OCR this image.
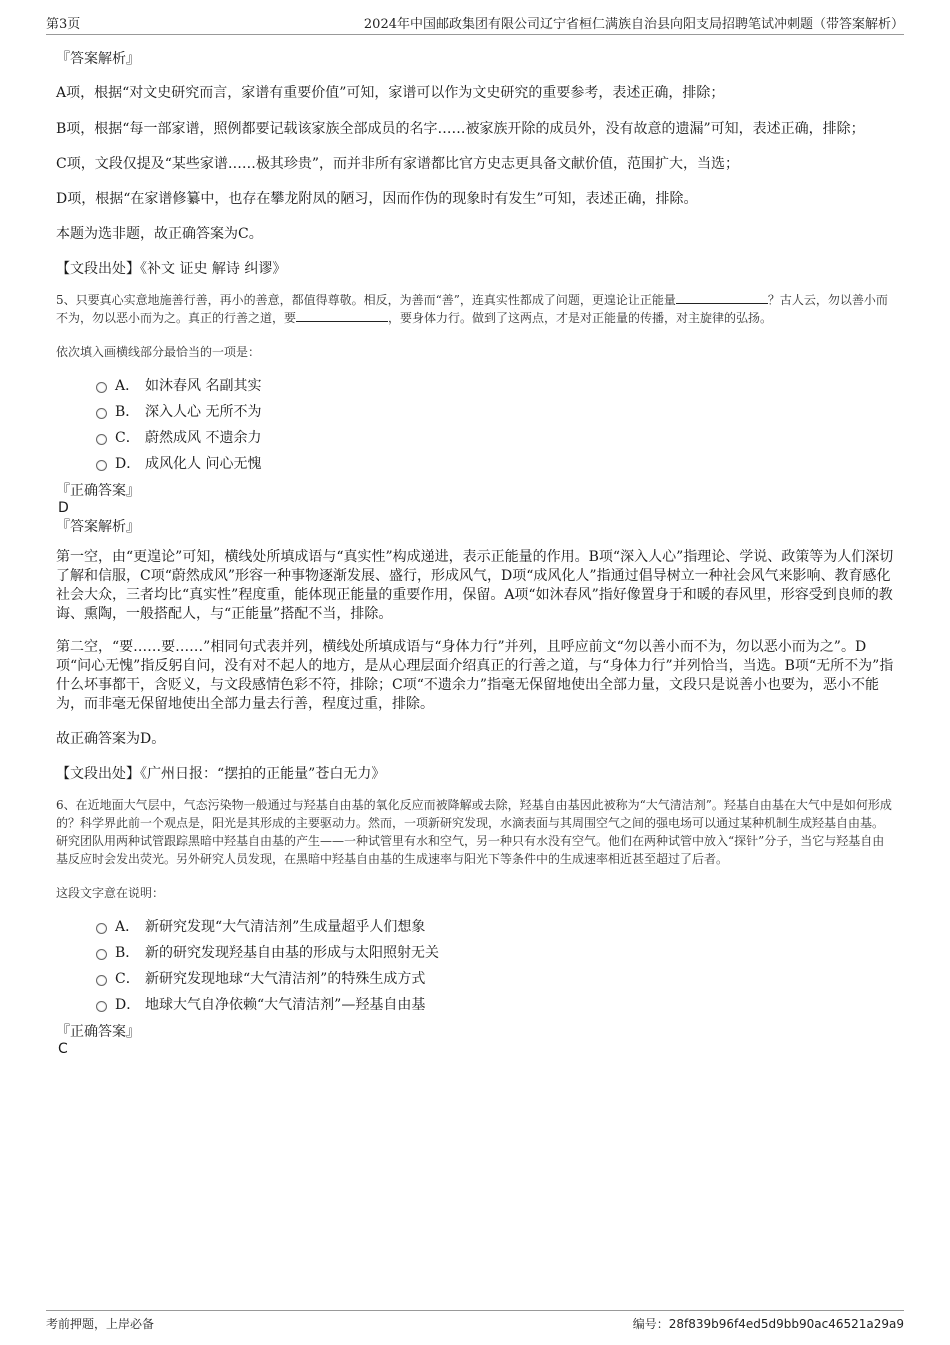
第3页	2024年中国邮政集团有限公司辽宁省桓仁满族自治县向阳支局招聘笔试冲刺题（带答案解析）

『答案解析』

A项，根据“对文史研究而言，家谱有重要价值”可知，家谱可以作为文史研究的重要参考，表述正确，排除；

B项，根据“每一部家谱，照例都要记载该家族全部成员的名字……被家族开除的成员外，没有故意的遗漏”可知，表述正确，排除；

C项，文段仅提及“某些家谱……极其珍贵”，而并非所有家谱都比官方史志更具备文献价值，范围扩大，当选；

D项，根据“在家谱修纂中，也存在攀龙附凤的陋习，因而作伪的现象时有发生”可知，表述正确，排除。

本题为选非题，故正确答案为C。

【文段出处】《补文 证史 解诗 纠谬》

5、只要真心实意地施善行善，再小的善意，都值得尊敬。相反，为善而“善”，连真实性都成了问题，更遑论让正能量	？古人云，勿以善小而不为，勿以恶小而为之。真正的行善之道，要	，要身体力行。做到了这两点，才是对正能量的传播，对主旋律的弘扬。

依次填入画横线部分最恰当的一项是：

A． 如沐春风 名副其实
B． 深入人心 无所不为
C． 蔚然成风 不遗余力
D． 成风化人 问心无愧

『正确答案』

D

『答案解析』

第一空，由“更遑论”可知，横线处所填成语与“真实性”构成递进，表示正能量的作用。B项“深入人心”指理论、学说、政策等为人们深切了解和信服，C项“蔚然成风”形容一种事物逐渐发展、盛行，形成风气，D项“成风化人”指通过倡导树立一种社会风气来影响、教育感化社会大众，三者均比“真实性”程度重，能体现正能量的重要作用，保留。A项“如沐春风”指好像置身于和暖的春风里，形容受到良师的教诲、熏陶，一般搭配人，与“正能量”搭配不当，排除。

第二空，“要……要……”相同句式表并列，横线处所填成语与“身体力行”并列，且呼应前文“勿以善小而不为，勿以恶小而为之”。D项“问心无愧”指反躬自问，没有对不起人的地方，是从心理层面介绍真正的行善之道，与“身体力行”并列恰当，当选。B项“无所不为”指什么坏事都干，含贬义，与文段感情色彩不符，排除；C项“不遗余力”指毫无保留地使出全部力量，文段只是说善小也要为，恶小不能为，而非毫无保留地使出全部力量去行善，程度过重，排除。

故正确答案为D。

【文段出处】《广州日报：“摆拍的正能量”苍白无力》

6、在近地面大气层中，气态污染物一般通过与羟基自由基的氧化反应而被降解或去除，羟基自由基因此被称为“大气清洁剂”。羟基自由基在大气中是如何形成的？科学界此前一个观点是，阳光是其形成的主要驱动力。然而，一项新研究发现，水滴表面与其周围空气之间的强电场可以通过某种机制生成羟基自由基。研究团队用两种试管跟踪黑暗中羟基自由基的产生——一种试管里有水和空气，另一种只有水没有空气。他们在两种试管中放入“探针”分子，当它与羟基自由基反应时会发出荧光。另外研究人员发现，在黑暗中羟基自由基的生成速率与阳光下等条件中的生成速率相近甚至超过了后者。

这段文字意在说明：

A． 新研究发现“大气清洁剂”生成量超乎人们想象
B． 新的研究发现羟基自由基的形成与太阳照射无关
C． 新研究发现地球“大气清洁剂”的特殊生成方式
D． 地球大气自净依赖“大气清洁剂”—羟基自由基

『正确答案』

C

考前押题，上岸必备	编号：28f839b96f4ed5d9bb90ac46521a29a9
